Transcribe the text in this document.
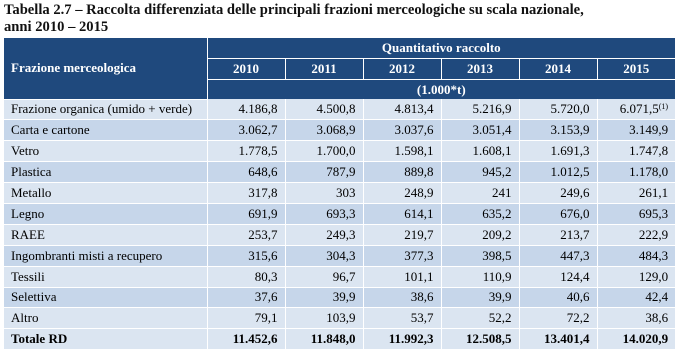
Tabella 2.7 – Raccolta differenziata delle principali frazioni merceologiche su scala nazionale,
anni 2010 – 2015
Frazione merceologica	Quantitativo raccolto					
	2010	2011	2012	2013	2014	2015
	(1.000*t)					
Frazione organica (umido + verde)	4.186,8	4.500,8	4.813,4	5.216,9	5.720,0	6.071,5$^{(1)}$
Carta e cartone	3.062,7	3.068,9	3.037,6	3.051,4	3.153,9	3.149,9
Vetro	1.778,5	1.700,0	1.598,1	1.608,1	1.691,3	1.747,8
Plastica	648,6	787,9	889,8	945,2	1.012,5	1.178,0
Metallo	317,8	303	248,9	241	249,6	261,1
Legno	691,9	693,3	614,1	635,2	676,0	695,3
RAEE	253,7	249,3	219,7	209,2	213,7	222,9
Ingombranti misti a recupero	315,6	304,3	377,3	398,5	447,3	484,3
Tessili	80,3	96,7	101,1	110,9	124,4	129,0
Selettiva	37,6	39,9	38,6	39,9	40,6	42,4
Altro	79,1	103,9	53,7	52,2	72,2	38,6
Totale RD	11.452,6	11.848,0	11.992,3	12.508,5	13.401,4	14.020,9
